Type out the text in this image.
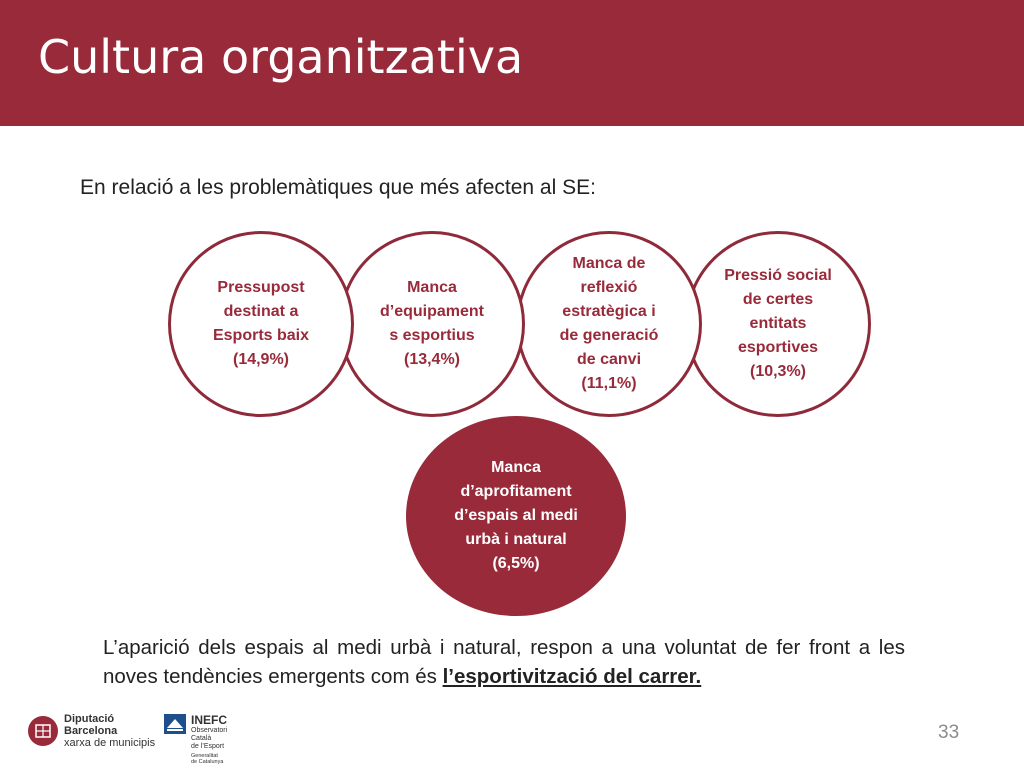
Cultura organitzativa
En relació a les problemàtiques que més afecten al SE:
Pressupost
destinat a
Esports baix
(14,9%)
Manca
d’equipament
s esportius
(13,4%)
Manca de
reflexió
estratègica i
de generació
de canvi
(11,1%)
Pressió social
de certes
entitats
esportives
(10,3%)
Manca
d’aprofitament
d’espais al medi
urbà i natural
(6,5%)
L’aparició dels espais al medi urbà i natural, respon a una voluntat de fer front a les noves tendències emergents com és l’esportivització del carrer.
Diputació
Barcelona
xarxa de municipis
INEFC
Observatori
Català
de l’Esport
Generalitat
de Catalunya
33
